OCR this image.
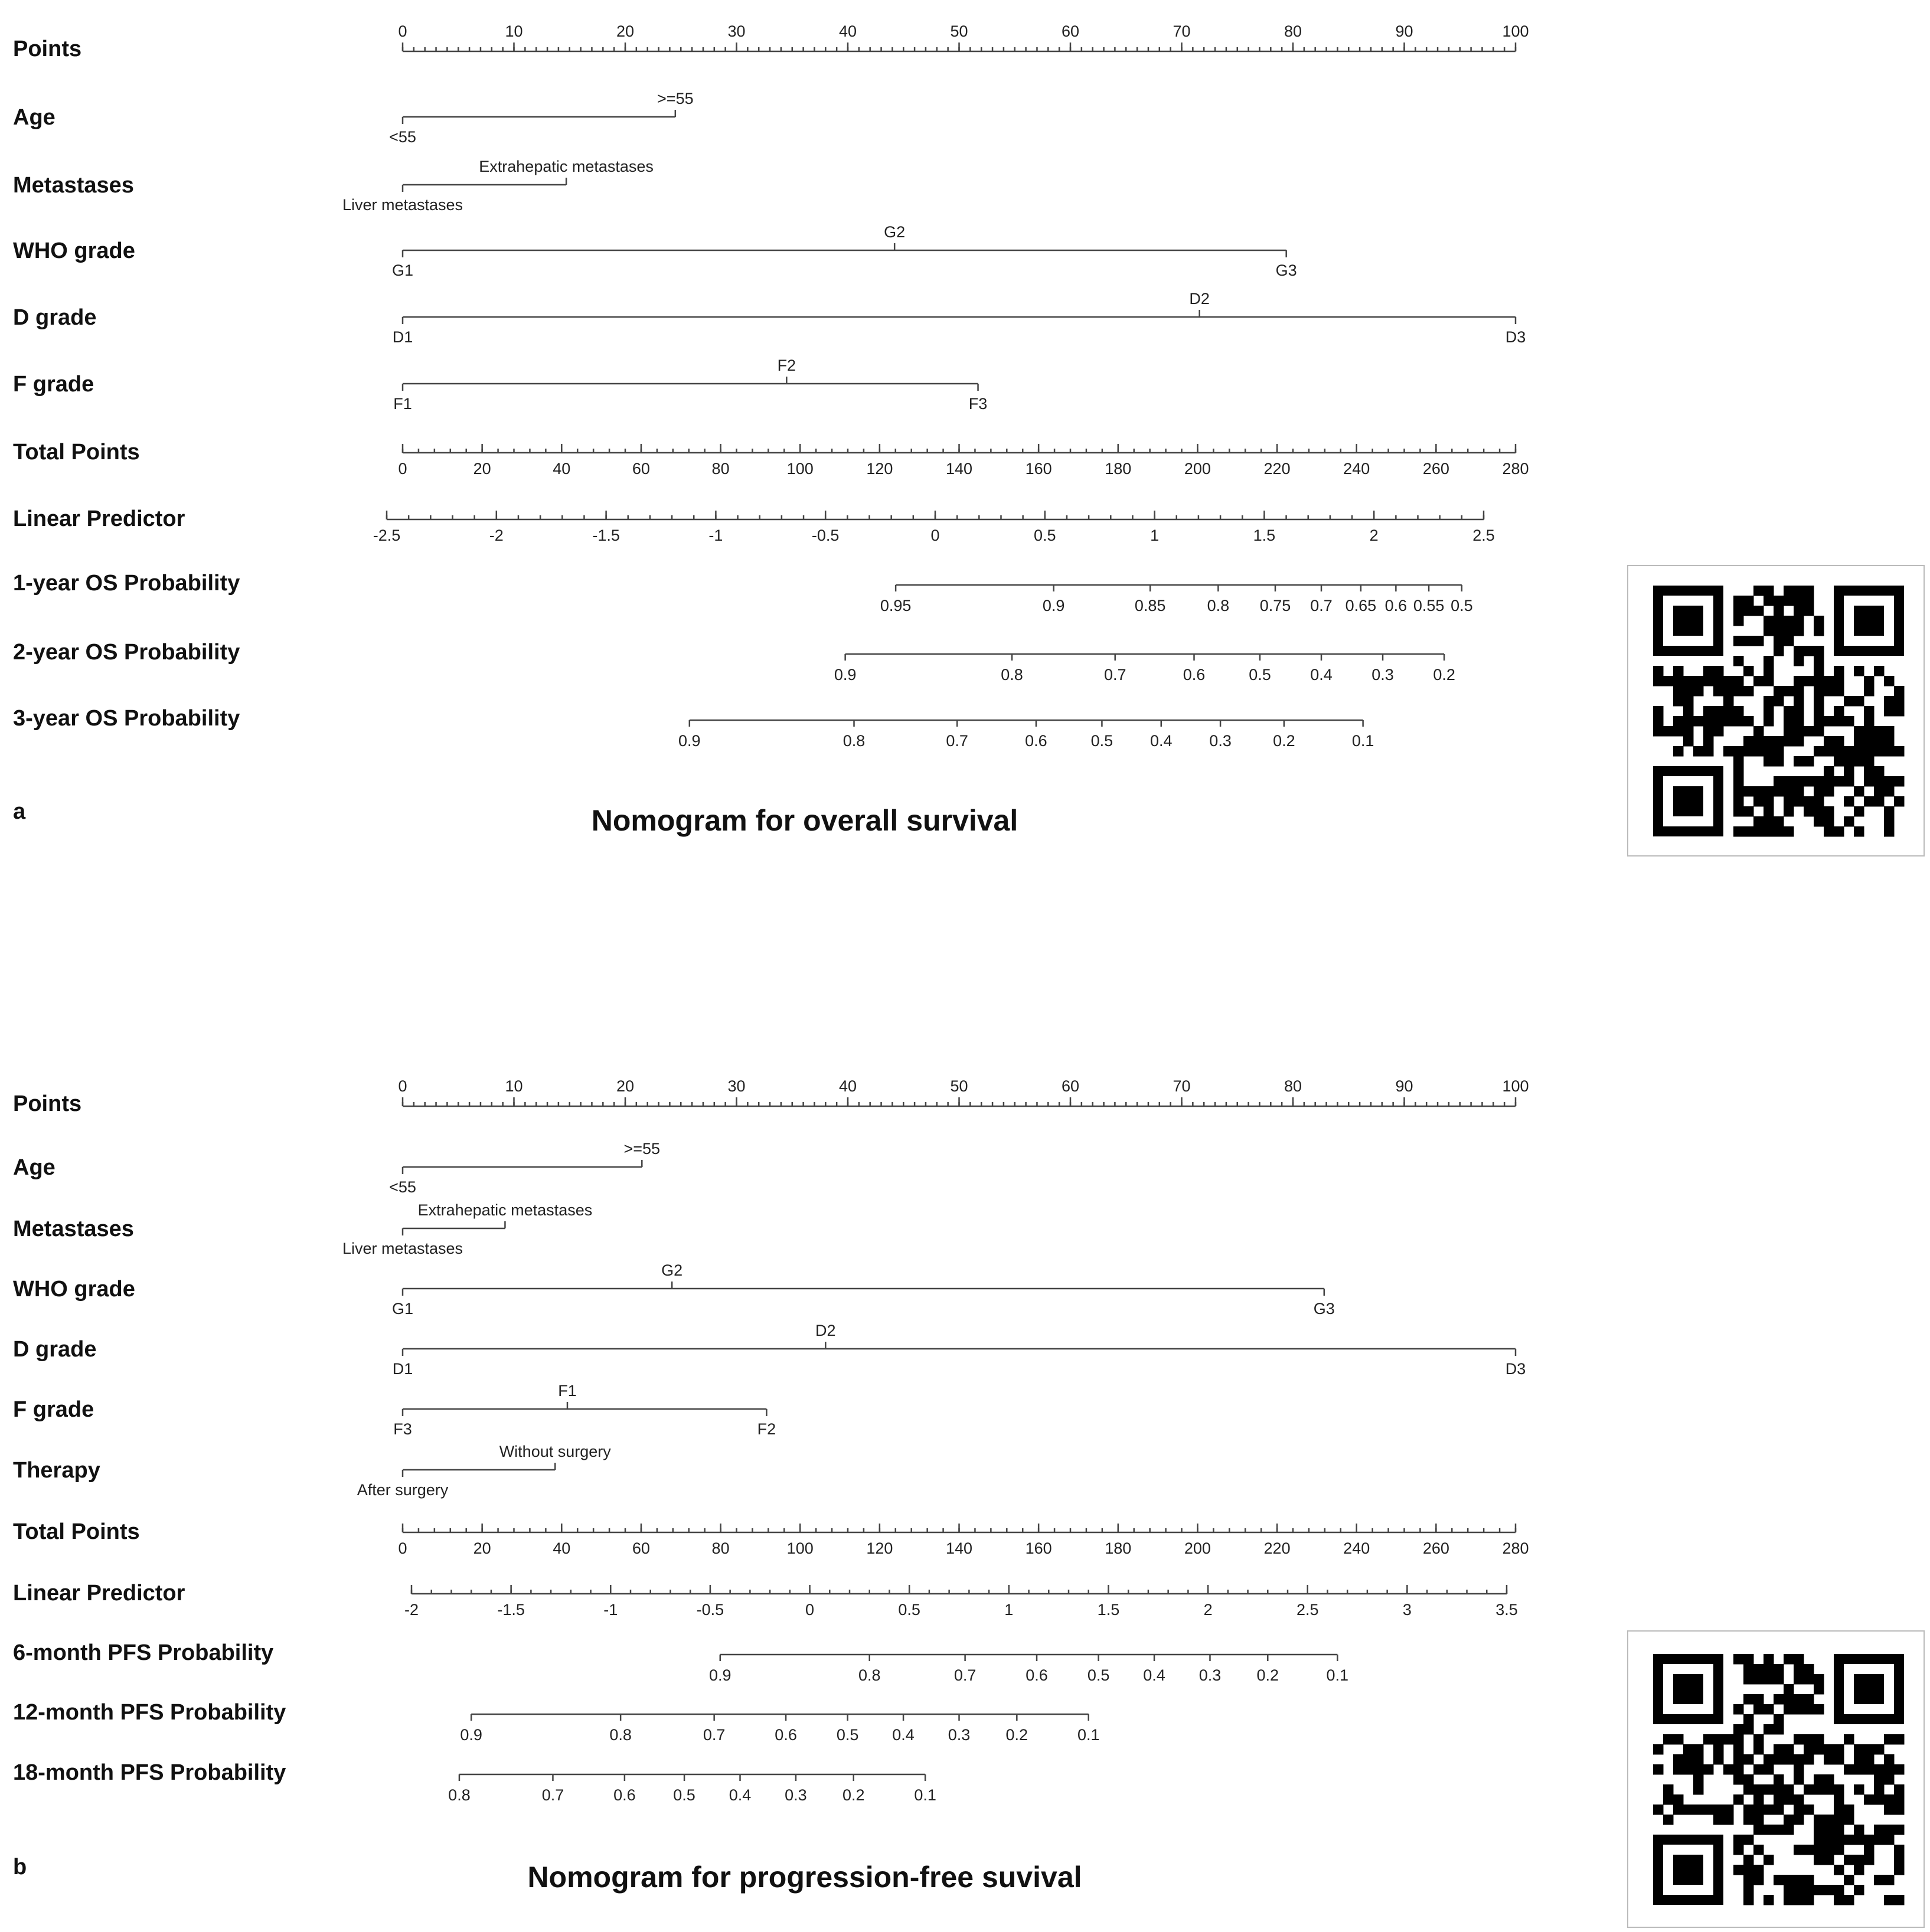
Points
0	10	20	30	40	50	60	70	80	90	100
Age
<55
>=55
Metastases
Liver metastases
Extrahepatic metastases
WHO grade
G1
G2
G3
D grade
D1
D2
D3
F grade
F1
F2
F3
Total Points
0	20	40	60	80	100	120	140	160	180	200	220	240	260	280
Linear Predictor
-2.5	-2	-1.5	-1	-0.5	0	0.5	1	1.5	2	2.5
1-year OS Probability
0.95	0.9	0.85	0.8 0.75 0.7 0.65 0.6 0.55 0.5
2-year OS Probability
0.9	0.8	0.7	0.6	0.5 0.4 0.3 0.2
3-year OS Probability
0.9	0.8	0.7	0.6	0.5 0.4 0.3	0.2	0.1
a	Nomogram for overall survival
Points
0	10	20	30	40	50	60	70	80	90	100
Age
<55
>=55
Metastases
Liver metastases
Extrahepatic metastases
WHO grade
G1
G2
G3
D grade
D1
D2
D3
F grade
F3
F1
F2
Therapy
After surgery
Without surgery
Total Points
0	20	40	60	80	100	120	140	160	180	200	220	240	260	280
Linear Predictor
-2	-1.5	-1	-0.5	0	0.5	1	1.5	2	2.5	3	3.5
6-month PFS Probability
0.9	0.8	0.7	0.6 0.5 0.4 0.3 0.2	0.1
12-month PFS Probability
0.9	0.8	0.7	0.6 0.5 0.4 0.3 0.2	0.1
18-month PFS Probability
0.8	0.7	0.6 0.5 0.4 0.3 0.2	0.1
b	Nomogram for progression-free suvival
